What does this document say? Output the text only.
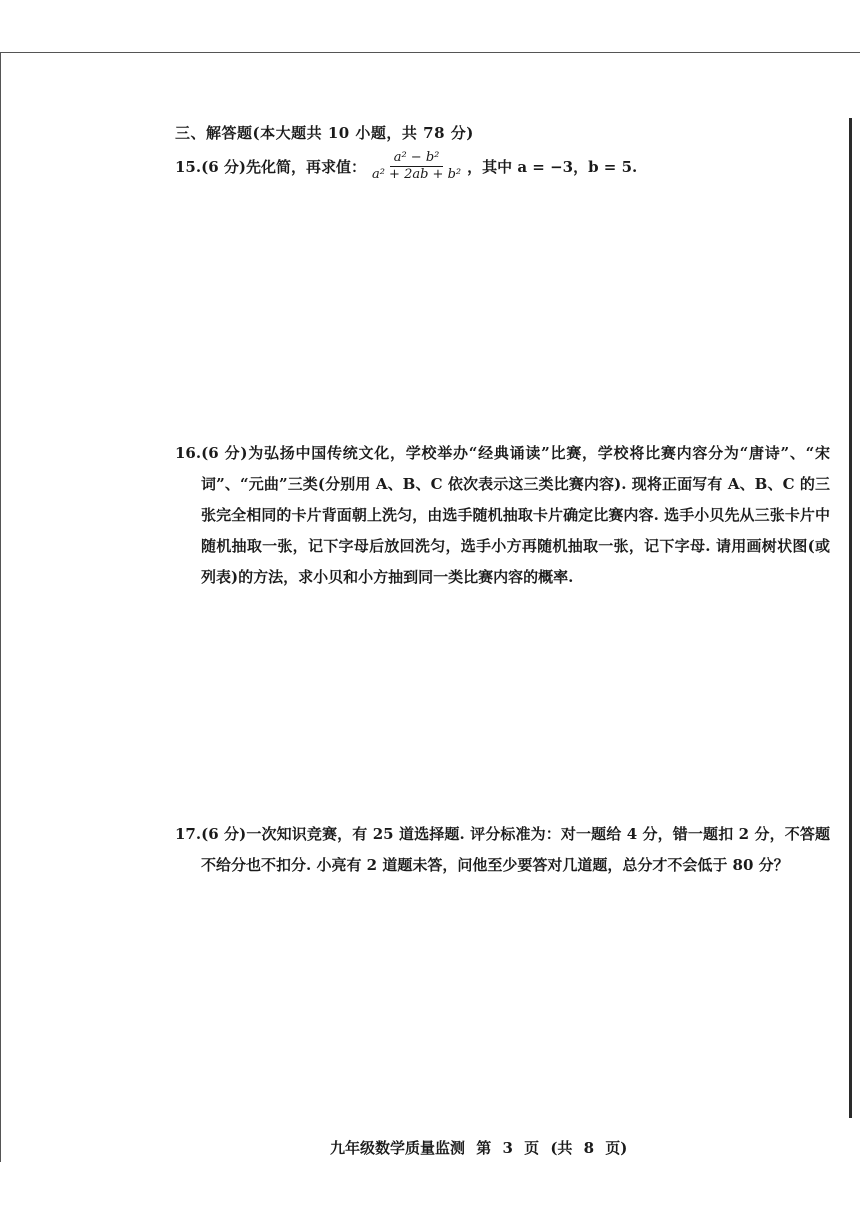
三、解答题(本大题共 10 小题，共 78 分)
15.(6 分)先化简，再求值： $\frac{\text{a² − b²}}{\text{a² + 2ab + b²}}$ ，其中 a = −3，b = 5.

16.(6 分)为弘扬中国传统文化，学校举办“经典诵读”比赛，学校将比赛内容分为“唐诗”、“宋词”、“元曲”三类(分别用 A、B、C 依次表示这三类比赛内容). 现将正面写有 A、B、C 的三张完全相同的卡片背面朝上洗匀，由选手随机抽取卡片确定比赛内容. 选手小贝先从三张卡片中随机抽取一张，记下字母后放回洗匀，选手小方再随机抽取一张，记下字母. 请用画树状图(或列表)的方法，求小贝和小方抽到同一类比赛内容的概率.

17.(6 分)一次知识竞赛，有 25 道选择题. 评分标准为：对一题给 4 分，错一题扣 2 分，不答题不给分也不扣分. 小亮有 2 道题未答，问他至少要答对几道题，总分才不会低于 80 分？

九年级数学质量监测 第 3 页 (共 8 页)
